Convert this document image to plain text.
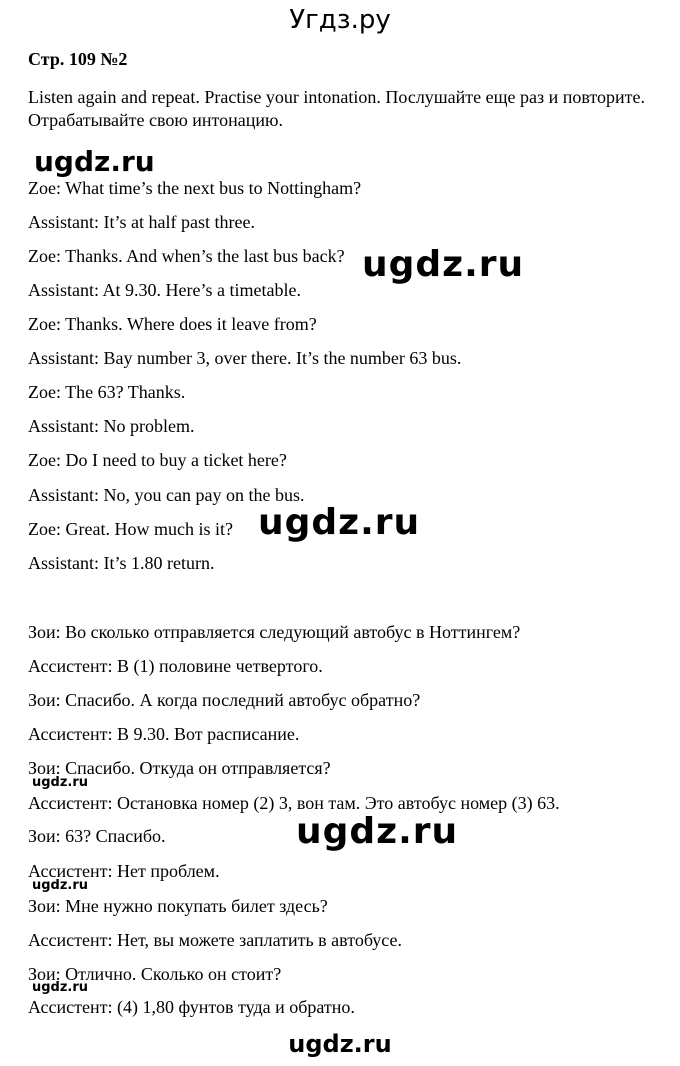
Угдз.ру
Стр. 109 №2
Listen again and repeat. Practise your intonation. Послушайте еще раз и повторите. Отрабатывайте свою интонацию.
Zoe: What time’s the next bus to Nottingham?
Assistant: It’s at half past three.
Zoe: Thanks. And when’s the last bus back?
Assistant: At 9.30. Here’s a timetable.
Zoe: Thanks. Where does it leave from?
Assistant: Bay number 3, over there. It’s the number 63 bus.
Zoe: The 63? Thanks.
Assistant: No problem.
Zoe: Do I need to buy a ticket here?
Assistant: No, you can pay on the bus.
Zoe: Great. How much is it?
Assistant: It’s 1.80 return.
Зои: Во сколько отправляется следующий автобус в Ноттингем?
Ассистент: В (1) половине четвертого.
Зои: Спасибо. А когда последний автобус обратно?
Ассистент: В 9.30. Вот расписание.
Зои: Спасибо. Откуда он отправляется?
Ассистент: Остановка номер (2) 3, вон там. Это автобус номер (3) 63.
Зои: 63? Спасибо.
Ассистент: Нет проблем.
Зои: Мне нужно покупать билет здесь?
Ассистент: Нет, вы можете заплатить в автобусе.
Зои: Отлично. Сколько он стоит?
Ассистент: (4) 1,80 фунтов туда и обратно.
ugdz.ru
ugdz.ru
ugdz.ru
ugdz.ru
ugdz.ru
ugdz.ru
ugdz.ru
ugdz.ru
